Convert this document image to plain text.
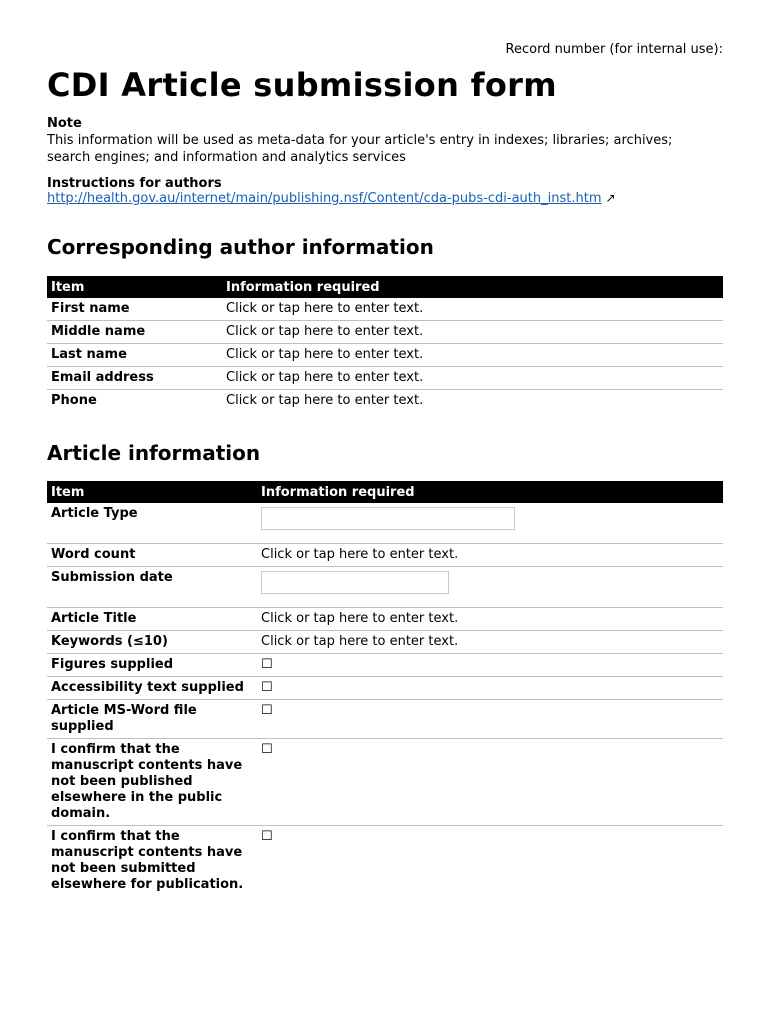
Record number (for internal use):
CDI Article submission form
Note
This information will be used as meta-data for your article's entry in indexes; libraries; archives; search engines; and information and analytics services
Instructions for authors
http://health.gov.au/internet/main/publishing.nsf/Content/cda-pubs-cdi-auth_inst.htm ↗
Corresponding author information
Item	Information required
First name	Click or tap here to enter text.
Middle name	Click or tap here to enter text.
Last name	Click or tap here to enter text.
Email address	Click or tap here to enter text.
Phone	Click or tap here to enter text.
Article information
Item	Information required
Article Type	

Word count	Click or tap here to enter text.
Submission date	

Article Title	Click or tap here to enter text.
Keywords (≤10)	Click or tap here to enter text.
Figures supplied	☐
Accessibility text supplied	☐
Article MS-Word file supplied	☐
I confirm that the manuscript contents have not been published elsewhere in the public domain.	☐
I confirm that the manuscript contents have not been submitted elsewhere for publication.	☐
